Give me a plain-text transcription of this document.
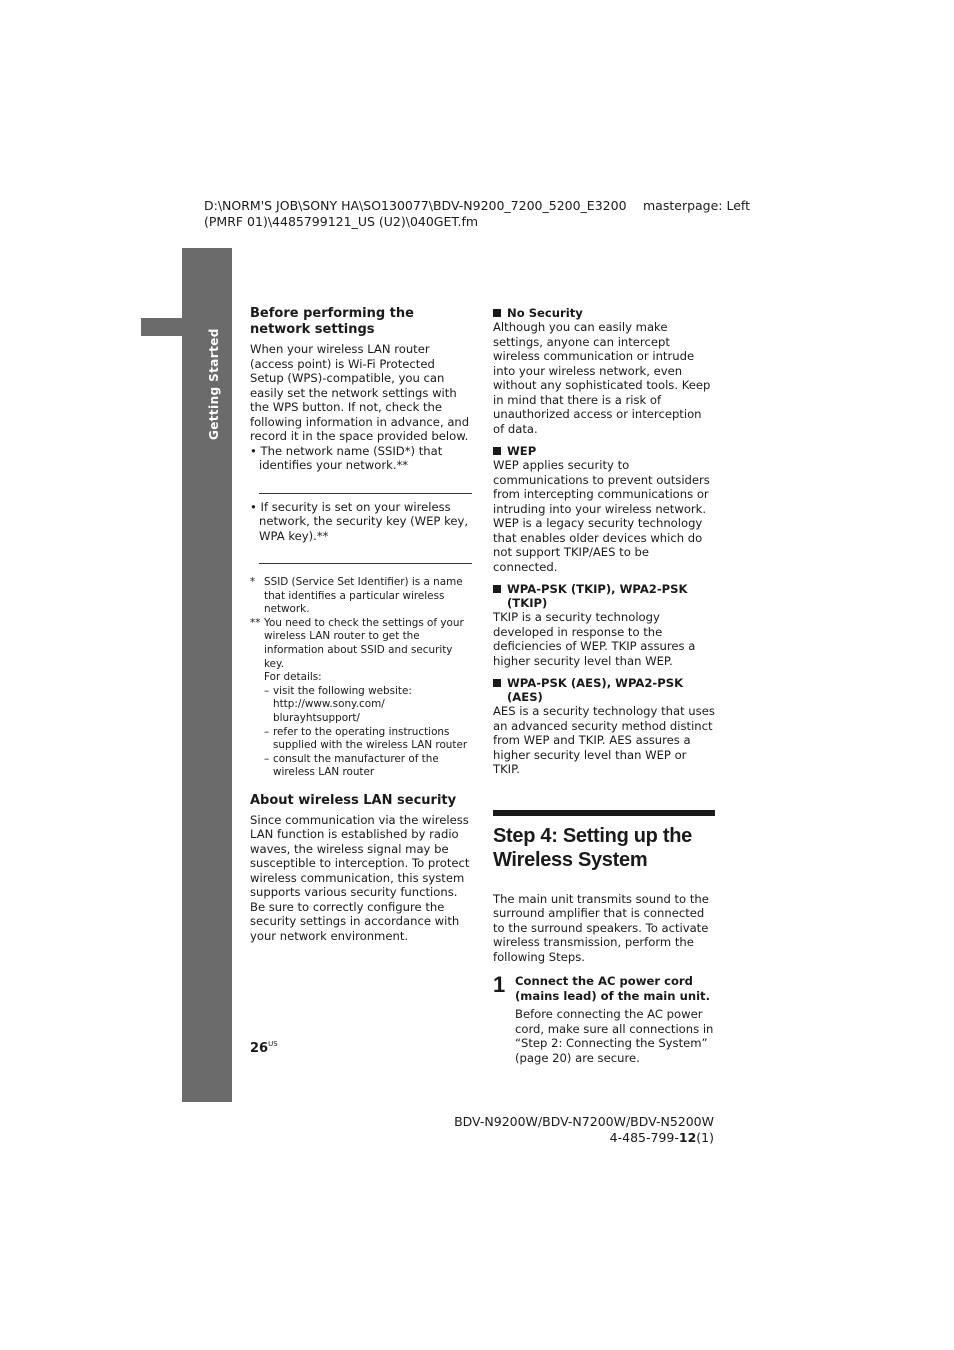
D:\NORM'S JOB\SONY HA\SO130077\BDV-N9200_7200_5200_E3200
(PMRF 01)\4485799121_US (U2)\040GET.fm
masterpage: Left
Getting Started
Before performing the network settings

When your wireless LAN router (access point) is Wi-Fi Protected Setup (WPS)-compatible, you can easily set the network settings with the WPS button. If not, check the following information in advance, and record it in the space provided below.

• The network name (SSID*) that identifies your network.**

• If security is set on your wireless network, the security key (WEP key, WPA key).**

* SSID (Service Set Identifier) is a name that identifies a particular wireless network.
** You need to check the settings of your wireless LAN router to get the information about SSID and security key.
For details:
– visit the following website:
http://www.sony.com/
blurayhtsupport/
– refer to the operating instructions supplied with the wireless LAN router
– consult the manufacturer of the wireless LAN router
About wireless LAN security

Since communication via the wireless LAN function is established by radio waves, the wireless signal may be susceptible to interception. To protect wireless communication, this system supports various security functions. Be sure to correctly configure the security settings in accordance with your network environment.

No Security

Although you can easily make settings, anyone can intercept wireless communication or intrude into your wireless network, even without any sophisticated tools. Keep in mind that there is a risk of unauthorized access or interception of data.

WEP

WEP applies security to communications to prevent outsiders from intercepting communications or intruding into your wireless network. WEP is a legacy security technology that enables older devices which do not support TKIP/AES to be connected.

WPA-PSK (TKIP), WPA2-PSK (TKIP)

TKIP is a security technology developed in response to the deficiencies of WEP. TKIP assures a higher security level than WEP.

WPA-PSK (AES), WPA2-PSK (AES)

AES is a security technology that uses an advanced security method distinct from WEP and TKIP. AES assures a higher security level than WEP or TKIP.

Step 4: Setting up the Wireless System

The main unit transmits sound to the surround amplifier that is connected to the surround speakers. To activate wireless transmission, perform the following Steps.

1 Connect the AC power cord (mains lead) of the main unit.

Before connecting the AC power cord, make sure all connections in “Step 2: Connecting the System” (page 20) are secure.

$26^{US}$
BDV-N9200W/BDV-N7200W/BDV-N5200W
4-485-799-12(1)
